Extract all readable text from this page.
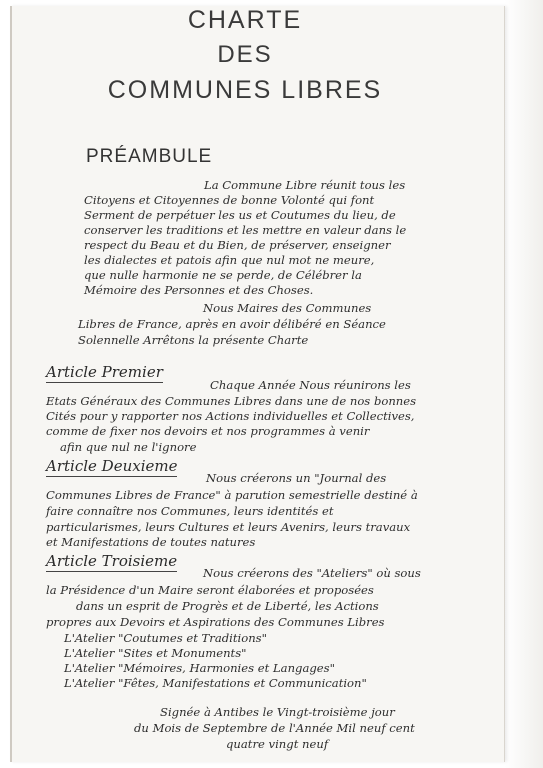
CHARTE
DES
COMMUNES LIBRES
PRÉAMBULE
La Commune Libre réunit tous les
Citoyens et Citoyennes de bonne Volonté qui font
Serment de perpétuer les us et Coutumes du lieu, de
conserver les traditions et les mettre en valeur dans le
respect du Beau et du Bien, de préserver, enseigner
les dialectes et patois afin que nul mot ne meure,
que nulle harmonie ne se perde, de Célébrer la
Mémoire des Personnes et des Choses.
Nous Maires des Communes
Libres de France, après en avoir délibéré en Séance
Solennelle Arrêtons la présente Charte
Article Premier
Chaque Année Nous réunirons les
Etats Généraux des Communes Libres dans une de nos bonnes
Cités pour y rapporter nos Actions individuelles et Collectives,
comme de fixer nos devoirs et nos programmes à venir
afin que nul ne l'ignore
Article Deuxieme
Nous créerons un "Journal des
Communes Libres de France" à parution semestrielle destiné à
faire connaître nos Communes, leurs identités et
particularismes, leurs Cultures et leurs Avenirs, leurs travaux
et Manifestations de toutes natures
Article Troisieme
Nous créerons des "Ateliers" où sous
la Présidence d'un Maire seront élaborées et proposées
dans un esprit de Progrès et de Liberté, les Actions
propres aux Devoirs et Aspirations des Communes Libres
L'Atelier "Coutumes et Traditions"
L'Atelier "Sites et Monuments"
L'Atelier "Mémoires, Harmonies et Langages"
L'Atelier "Fêtes, Manifestations et Communication"
Signée à Antibes le Vingt-troisième jour
du Mois de Septembre de l'Année Mil neuf cent
quatre vingt neuf
